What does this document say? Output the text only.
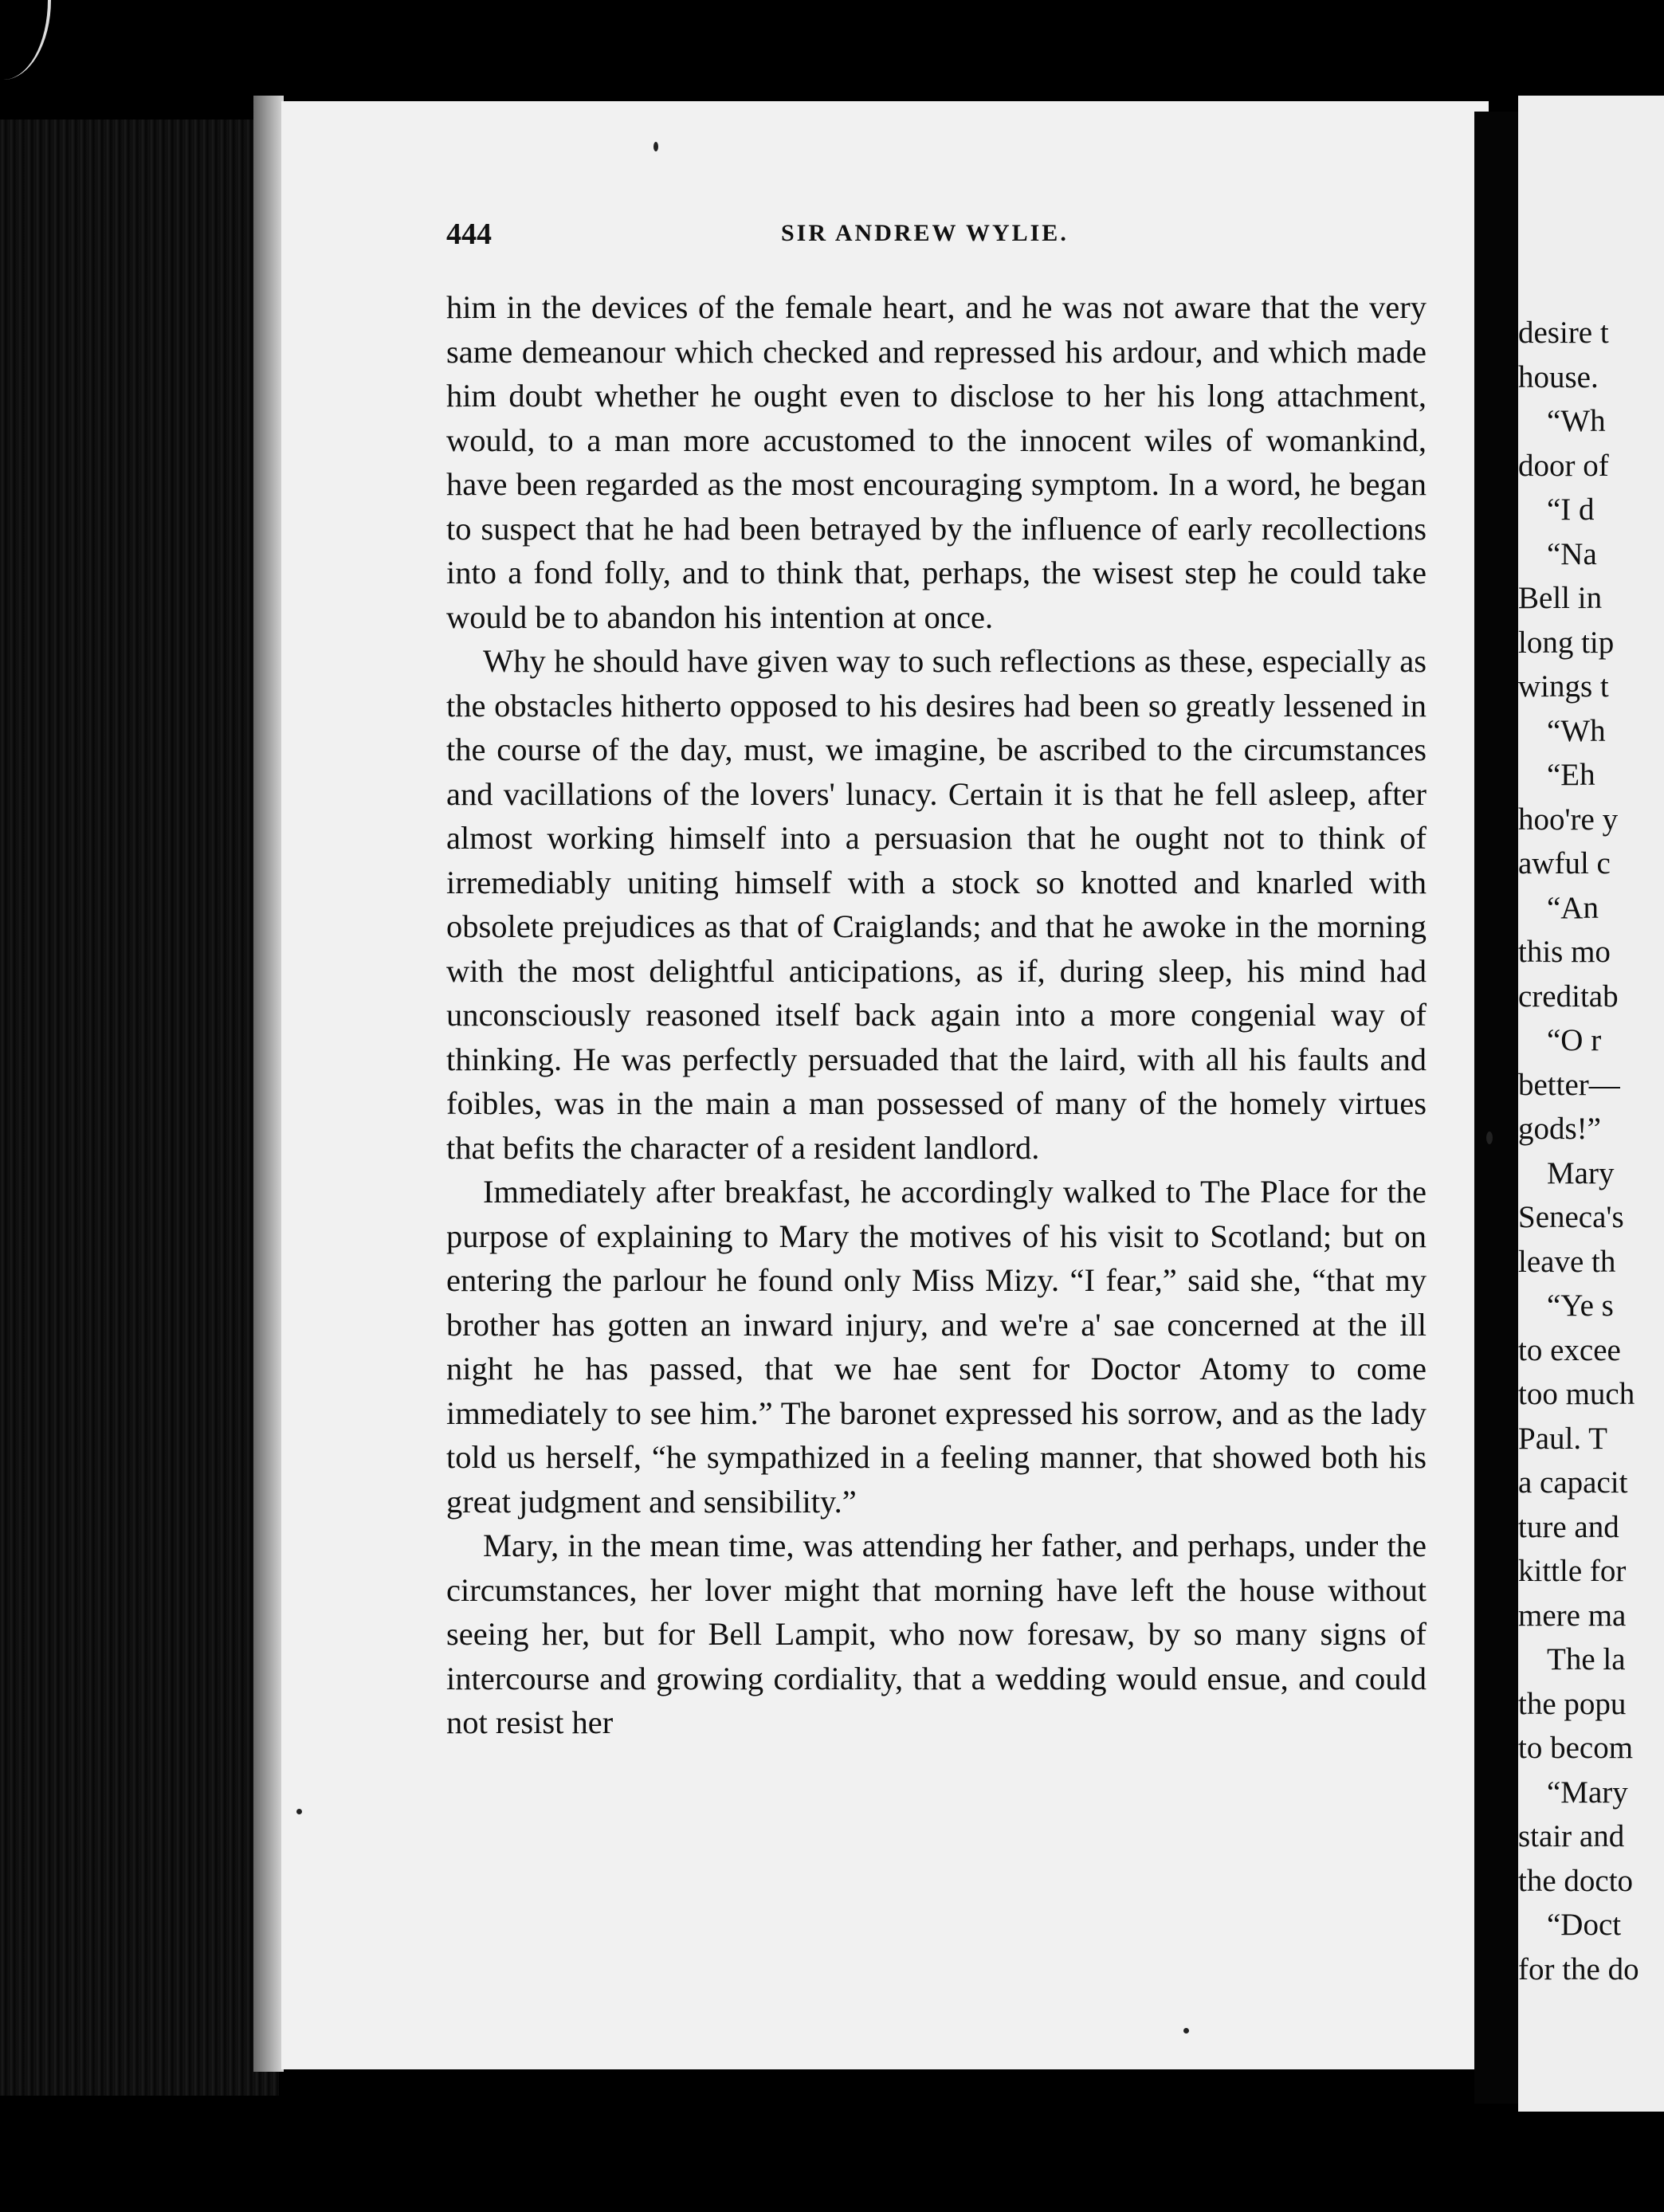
desire t
house.
“Wh
door of
“I d
“Na
Bell in
long tip
wings t
“Wh
“Eh
hoo're y
awful c
“An
this mo
creditab
“O r
better—
gods!”
Mary
Seneca's
leave th
“Ye s
to excee
too much
Paul. T
a capacit
ture and
kittle for
mere ma
The la
the popu
to becom
“Mary
stair and
the docto
“Doct
for the do
444	SIR ANDREW WYLIE.

him in the devices of the female heart, and he was not aware that the very same demeanour which checked and repressed his ardour, and which made him doubt whether he ought even to disclose to her his long attachment, would, to a man more accustomed to the innocent wiles of womankind, have been regarded as the most encouraging symptom. In a word, he began to suspect that he had been betrayed by the influence of early recollections into a fond folly, and to think that, perhaps, the wisest step he could take would be to abandon his intention at once.

Why he should have given way to such reflections as these, especially as the obstacles hitherto opposed to his desires had been so greatly lessened in the course of the day, must, we imagine, be ascribed to the circumstances and vacillations of the lovers' lunacy. Certain it is that he fell asleep, after almost working himself into a persuasion that he ought not to think of irremediably uniting himself with a stock so knotted and knarled with obsolete prejudices as that of Craiglands; and that he awoke in the morning with the most delightful anticipations, as if, during sleep, his mind had unconsciously reasoned itself back again into a more congenial way of thinking. He was perfectly persuaded that the laird, with all his faults and foibles, was in the main a man possessed of many of the homely virtues that befits the character of a resident landlord.

Immediately after breakfast, he accordingly walked to The Place for the purpose of explaining to Mary the motives of his visit to Scotland; but on entering the parlour he found only Miss Mizy. “I fear,” said she, “that my brother has gotten an inward injury, and we're a' sae concerned at the ill night he has passed, that we hae sent for Doctor Atomy to come immediately to see him.” The baronet expressed his sorrow, and as the lady told us herself, “he sympathized in a feeling manner, that showed both his great judgment and sensibility.”

Mary, in the mean time, was attending her father, and perhaps, under the circumstances, her lover might that morning have left the house without seeing her, but for Bell Lampit, who now foresaw, by so many signs of intercourse and growing cordiality, that a wedding would ensue, and could not resist her
